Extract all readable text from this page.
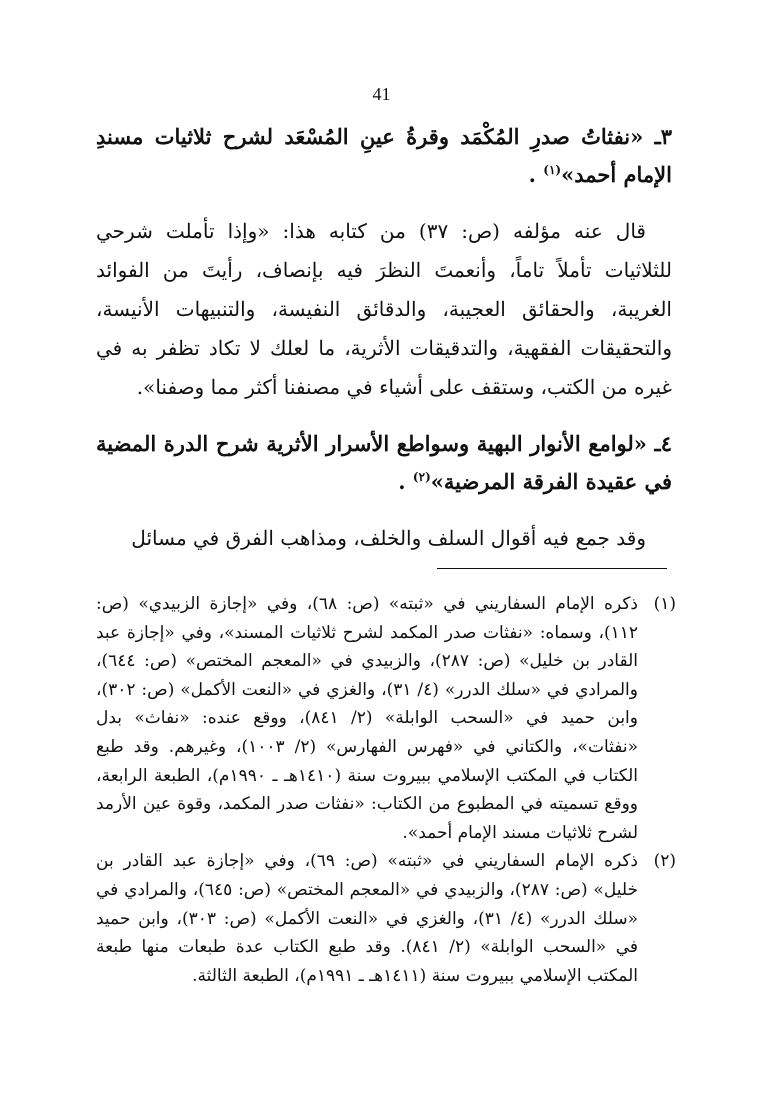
41

٣ـ «نفثاتُ صدرِ المُكْمَد وقرةُ عينِ المُسْعَد لشرح ثلاثيات مسندِ الإمام أحمد»$^{(١)}$ .

قال عنه مؤلفه (ص: ٣٧) من كتابه هذا: «وإذا تأملت شرحي للثلاثيات تأملاً تاماً، وأنعمتَ النظرَ فيه بإنصاف، رأيتَ من الفوائد الغريبة، والحقائق العجيبة، والدقائق النفيسة، والتنبيهات الأنيسة، والتحقيقات الفقهية، والتدقيقات الأثرية، ما لعلك لا تكاد تظفر به في غيره من الكتب، وستقف على أشياء في مصنفنا أكثر مما وصفنا».

٤ـ «لوامع الأنوار البهية وسواطع الأسرار الأثرية شرح الدرة المضية في عقيدة الفرقة المرضية»$^{(٢)}$ .

وقد جمع فيه أقوال السلف والخلف، ومذاهب الفرق في مسائل

(١)
ذكره الإمام السفاريني في «ثبته» (ص: ٦٨)، وفي «إجازة الزبيدي» (ص: ١١٢)، وسماه: «نفثات صدر المكمد لشرح ثلاثيات المسند»، وفي «إجازة عبد القادر بن خليل» (ص: ٢٨٧)، والزبيدي في «المعجم المختص» (ص: ٦٤٤)، والمرادي في «سلك الدرر» (٤/ ٣١)، والغزي في «النعت الأكمل» (ص: ٣٠٢)، وابن حميد في «السحب الوابلة» (٢/ ٨٤١)، ووقع عنده: «نفاث» بدل «نفثات»، والكتاني في «فهرس الفهارس» (٢/ ١٠٠٣)، وغيرهم. وقد طبع الكتاب في المكتب الإسلامي ببيروت سنة (١٤١٠هـ ـ ١٩٩٠م)، الطبعة الرابعة، ووقع تسميته في المطبوع من الكتاب: «نفثات صدر المكمد، وقوة عين الأرمد لشرح ثلاثيات مسند الإمام أحمد».
(٢)
ذكره الإمام السفاريني في «ثبته» (ص: ٦٩)، وفي «إجازة عبد القادر بن خليل» (ص: ٢٨٧)، والزبيدي في «المعجم المختص» (ص: ٦٤٥)، والمرادي في «سلك الدرر» (٤/ ٣١)، والغزي في «النعت الأكمل» (ص: ٣٠٣)، وابن حميد في «السحب الوابلة» (٢/ ٨٤١). وقد طبع الكتاب عدة طبعات منها طبعة المكتب الإسلامي ببيروت سنة (١٤١١هـ ـ ١٩٩١م)، الطبعة الثالثة.
